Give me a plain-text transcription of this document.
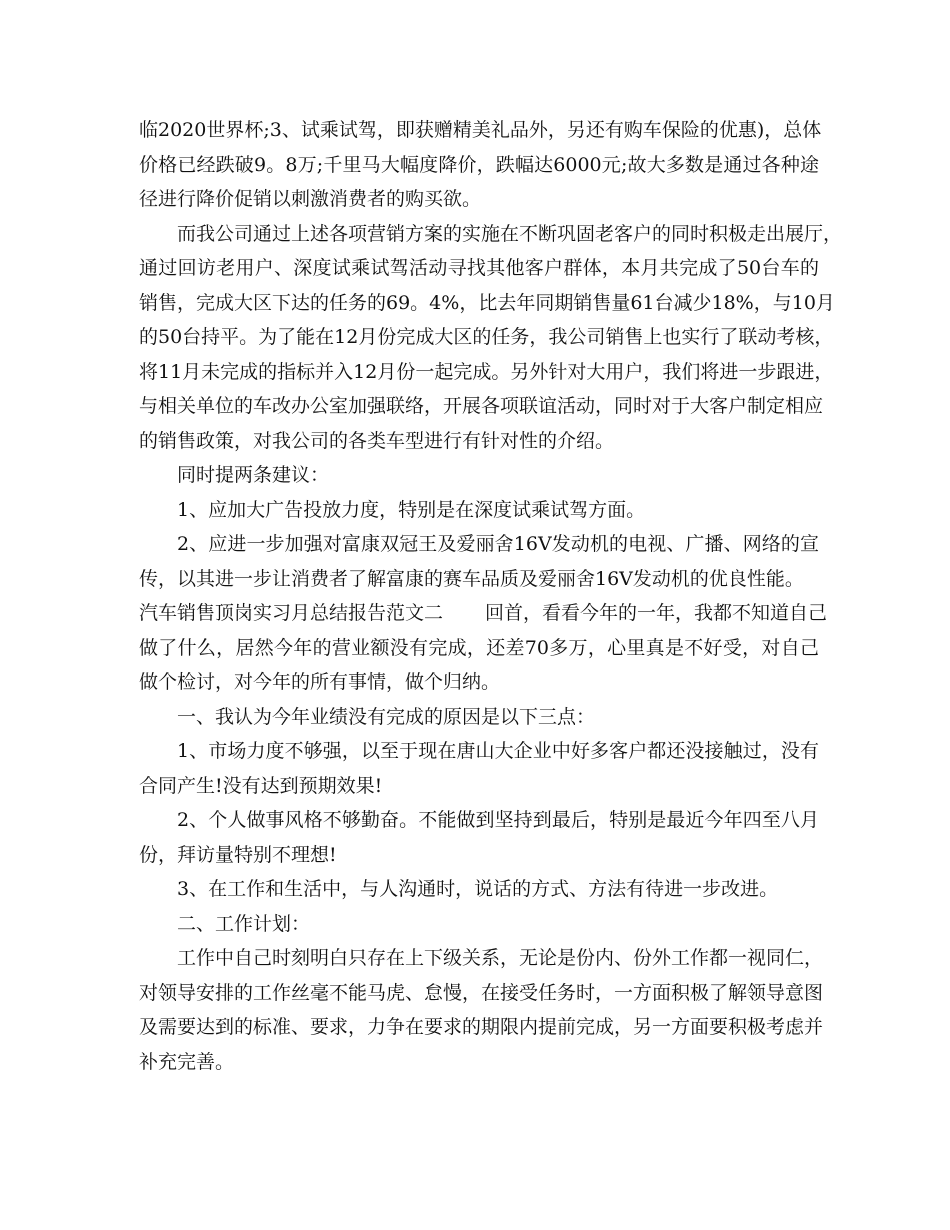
临2020世界杯;3、试乘试驾，即获赠精美礼品外，另还有购车保险的优惠)，总体
价格已经跌破9。8万;千里马大幅度降价，跌幅达6000元;故大多数是通过各种途
径进行降价促销以刺激消费者的购买欲。
而我公司通过上述各项营销方案的实施在不断巩固老客户的同时积极走出展厅，
通过回访老用户、深度试乘试驾活动寻找其他客户群体，本月共完成了50台车的
销售，完成大区下达的任务的69。4%，比去年同期销售量61台减少18%，与10月
的50台持平。为了能在12月份完成大区的任务，我公司销售上也实行了联动考核，
将11月未完成的指标并入12月份一起完成。另外针对大用户，我们将进一步跟进，
与相关单位的车改办公室加强联络，开展各项联谊活动，同时对于大客户制定相应
的销售政策，对我公司的各类车型进行有针对性的介绍。
同时提两条建议：
1、应加大广告投放力度，特别是在深度试乘试驾方面。
2、应进一步加强对富康双冠王及爱丽舍16V发动机的电视、广播、网络的宣
传，以其进一步让消费者了解富康的赛车品质及爱丽舍16V发动机的优良性能。
汽车销售顶岗实习月总结报告范文二 回首，看看今年的一年，我都不知道自己
做了什么，居然今年的营业额没有完成，还差70多万，心里真是不好受，对自己
做个检讨，对今年的所有事情，做个归纳。
一、我认为今年业绩没有完成的原因是以下三点：
1、市场力度不够强，以至于现在唐山大企业中好多客户都还没接触过，没有
合同产生!没有达到预期效果!
2、个人做事风格不够勤奋。不能做到坚持到最后，特别是最近今年四至八月
份，拜访量特别不理想!
3、在工作和生活中，与人沟通时，说话的方式、方法有待进一步改进。
二、工作计划：
工作中自己时刻明白只存在上下级关系，无论是份内、份外工作都一视同仁，
对领导安排的工作丝毫不能马虎、怠慢，在接受任务时，一方面积极了解领导意图
及需要达到的标准、要求，力争在要求的期限内提前完成，另一方面要积极考虑并
补充完善。
